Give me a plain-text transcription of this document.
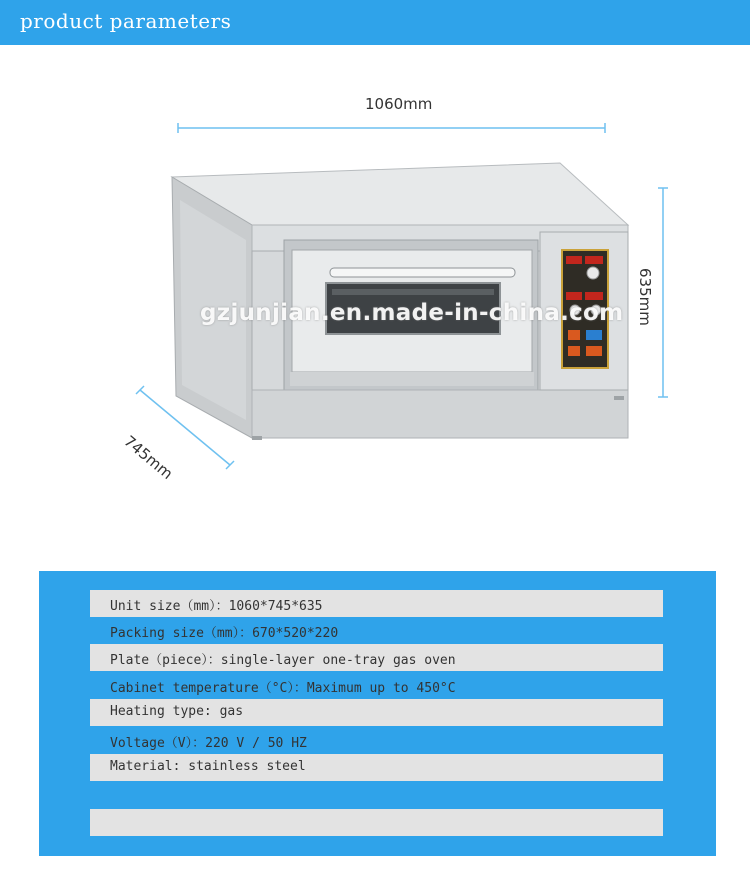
product parameters
1060mm
635mm
745mm
gzjunjian.en.made-in-china.com
Unit size（mm）：1060*745*635
Packing size（mm）：670*520*220
Plate（piece）：single-layer one-tray gas oven
Cabinet temperature（°C）：Maximum up to 450°C
Heating type: gas
Voltage（V）：220 V / 50 HZ
Material: stainless steel
